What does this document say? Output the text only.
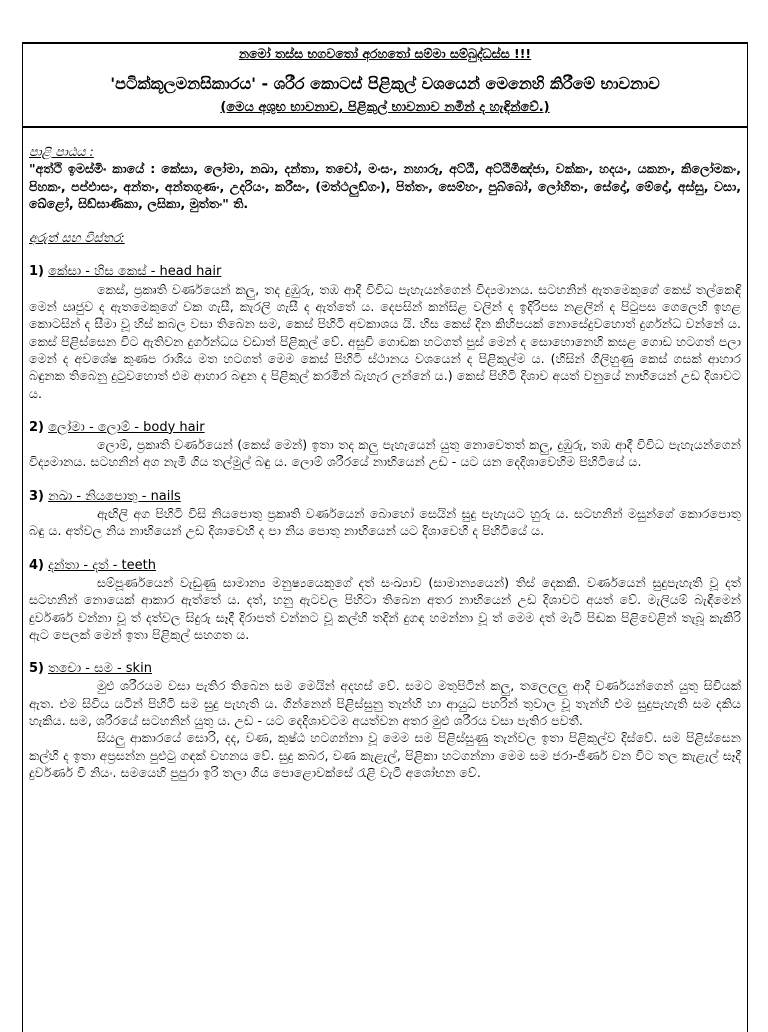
නමෝ තස්ස භගවතෝ අරහතෝ සම්මා සම්බුද්ධස්ස !!!
'පටික්කූලමනසිකාරය' - ශරීර කොටස් පිළිකුල් වශයෙන් මෙනෙහි කිරීමේ භාවනාව
(මෙය අශුභ භාවනාව, පිළිකුල් භාවනාව නමින් ද හැඳින්වේ.)

පාළි පාඨය :

"අත්ථි ඉමස්මිං කායේ : කේසා, ලෝමා, නඛා, දන්තා, තචෝ, මංසං, නහාරූ, අට්ඨී, අට්ඨිමිඤ්ජා, වක්කං, හදයං, යකනං, කිලෝමකං, පිහකං, පප්ඵාසං, අන්තං, අන්තගුණං, උදරියං, කරීසං, (මත්ථලුඞ්ගං), පිත්තං, සෙම්හං, පුබ්බෝ, ලෝහිතං, සේදෝ, මේදෝ, අස්සු, වසා, ඛේළෝ, සිඞ්ඝාණිකා, ලසිකා, මුත්තං" ති.

අරුත් සහ විස්තර:

1) කේසා - හිස කෙස් - head hair

කෙස්, ප්‍රකෘති වර්ණයෙන් කලු, තද දුඹුරු, තඹ ආදී විවිධ පැහැයන්ගෙන් විද්‍යමානය. සටහනින් ඇතමෙකුගේ කෙස් තල්කෙඳි මෙන් ඍජුව ද ඇතමෙකුගේ වක ගැසී, කැරලි ගැසී ද ඇත්තේ ය. දෙපසින් කන්සිළ වලින් ද ඉදිරිපස නළලින් ද පිටුපස ගෙලෙහි ඉහළ කොටසින් ද සීමා වූ හිස් කබල වසා තිබෙන සම, කෙස් පිහිටි අවකාශය යි. හිස කෙස් දින කිහිපයක් නොසේදුවහොත් දුර්ගන්ධ වන්නේ ය. කෙස් පිළිස්සෙන විට ඇතිවන දුර්ගන්ධය වඩාත් පිළිකුල් වේ. අසුචි ගොඩක හටගත් පුස් මෙන් ද සොහොනෙහි කසළ ගොඩ හටගත් පලා මෙන් ද අවශේෂ කුණප රාශිය මත හටගත් මෙම කෙස් පිහිටි ස්ථානය වශයෙන් ද පිළිකුල්ම ය. (හිසින් ගිලිහුණු කෙස් ගසක් ආහාර බඳුනක තිබෙනු දුටුවහොත් එම ආහාර බඳුන ද පිළිකුල් කරමින් බැහැර ලන්නේ ය.) කෙස් පිහිටි දිශාව අයත් වනුයේ නාභියෙන් උඩ දිශාවට ය.

2) ලෝමා - ලොම් - body hair

ලොම්, ප්‍රකෘති වර්ණයෙන් (කෙස් මෙන්) ඉතා තද කලු පැහැයෙන් යුතු නොවෙතත් කලු, දුඹුරු, තඹ ආදී විවිධ පැහැයන්ගෙන් විද්‍යමානය. සටහනින් අග නැමී ගිය තල්මුල් බඳු ය. ලොම් ශරීරයේ නාභියෙන් උඩ - යට යන දෙදිශාවෙහිම පිහිටියේ ය.

3) නඛා - නියපොතු - nails

ඇඟිලි අග පිහිටි විසි නියපොතු ප්‍රකෘති වර්ණයෙන් බොහෝ සෙයින් සුදු පැහැයට හුරු ය. සටහනින් මසුන්ගේ කොරපොතු බඳු ය. අත්වල නිය නාභියෙන් උඩ දිශාවෙහි ද පා නිය පොතු නාභියෙන් යට දිශාවෙහි ද පිහිටියේ ය.

4) දන්තා - දත් - teeth

සම්පූර්ණයෙන් වැඩුණු සාමාන්‍ය මනුෂ්‍යයෙකුගේ දත් සංඛ්‍යාව (සාමාන්‍යයෙන්) තිස් දෙකකි. වර්ණයෙන් සුදුපැහැති වූ දත් සටහනින් නොයෙක් ආකාර ඇත්තේ ය. දත්, හනු ඇටවල පිහිටා තිබෙන අතර නාභියෙන් උඩ දිශාවට අයත් වේ. මැලියම් බැඳීමෙන් දුර්වර්ණ වන්නා වූ ත් දත්වල සිදුරු සෑදී දිරාපත් වන්නට වූ කල්හි තදින් දුගඳ හමන්නා වූ ත් මෙම දත් මැටි පිඬක පිළිවෙළින් තැබූ කැකිරි ඇට පෙලක් මෙන් ඉතා පිළිකුල් සහගත ය.

5) තචො - සම - skin

මුළු ශරීරයම වසා පැතිර තිබෙන සම මෙයින් අදහස් වේ. සමට මතුපිටින් කලු, තලෙලලු ආදී වර්ණයන්ගෙන් යුතු සිවියක් ඇත. එම සිවිය යටින් පිහිටි සම සුදු පැහැති ය. ගින්නෙන් පිළිස්සුනු තැන්හි හා ආයුධ පහරින් තුවාල වූ තැන්හි එම සුදුපැහැති සම දකිය හැකිය. සම, ශරීරයේ සටහනින් යුතු ය. උඩ - යට දෙදිශාවටම අයත්වන අතර මුළු ශරීරය වසා පැතිර පවතී.

සියලු ආකාරයේ සොරි, දද, වණ, කුෂ්ඨ හටගන්නා වූ මෙම සම පිළිස්සුණු තැන්වල ඉතා පිළිකුල්ව දිස්වේ. සම පිළිස්සෙන කල්හි ද ඉතා අප්‍රසන්න පුළුටු ගඳක් වහනය වේ. සුදු කබර, වණ කැළැල්, පිළිකා හටගන්නා මෙම සම ජරා-ජීර්ණ වන විට තල කැළැල් සෑදී දුර්වර්ණ වී නියං. සමයෙහි පුපුරා ඉරි තලා ගිය පොළොවක්සේ රැළි වැටී අශෝභන වේ.
